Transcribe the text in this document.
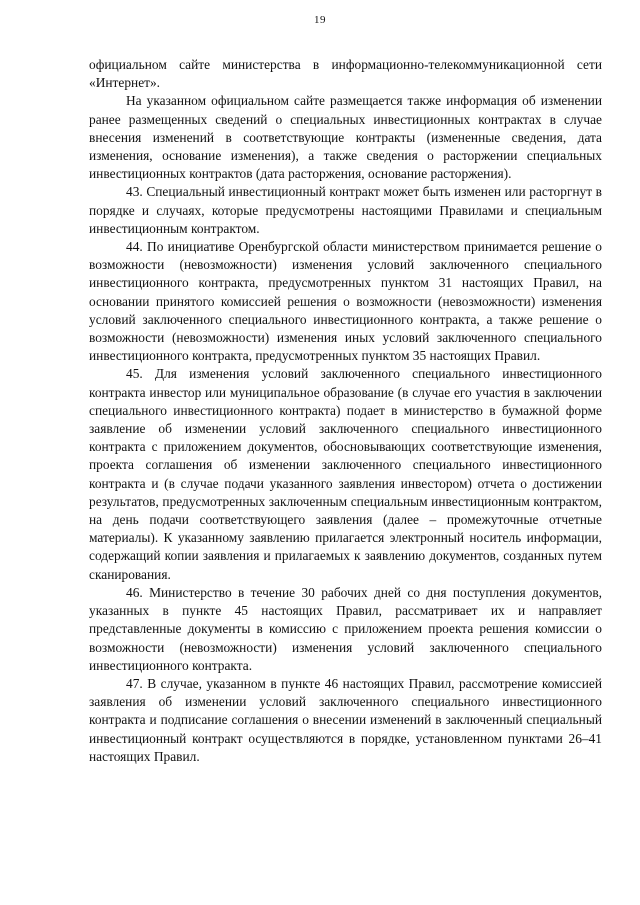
19

официальном сайте министерства в информационно-телекоммуникационной сети «Интернет».

На указанном официальном сайте размещается также информация об изменении ранее размещенных сведений о специальных инвестиционных контрактах в случае внесения изменений в соответствующие контракты (измененные сведения, дата изменения, основание изменения), а также сведения о расторжении специальных инвестиционных контрактов (дата расторжения, основание расторжения).

43. Специальный инвестиционный контракт может быть изменен или расторгнут в порядке и случаях, которые предусмотрены настоящими Правилами и специальным инвестиционным контрактом.

44. По инициативе Оренбургской области министерством принимается решение о возможности (невозможности) изменения условий заключенного специального инвестиционного контракта, предусмотренных пунктом 31 настоящих Правил, на основании принятого комиссией решения о возможности (невозможности) изменения условий заключенного специального инвестиционного контракта, а также решение о возможности (невозможности) изменения иных условий заключенного специального инвестиционного контракта, предусмотренных пунктом 35 настоящих Правил.

45. Для изменения условий заключенного специального инвестиционного контракта инвестор или муниципальное образование (в случае его участия в заключении специального инвестиционного контракта) подает в министерство в бумажной форме заявление об изменении условий заключенного специального инвестиционного контракта с приложением документов, обосновывающих соответствующие изменения, проекта соглашения об изменении заключенного специального инвестиционного контракта и (в случае подачи указанного заявления инвестором) отчета о достижении результатов, предусмотренных заключенным специальным инвестиционным контрактом, на день подачи соответствующего заявления (далее – промежуточные отчетные материалы). К указанному заявлению прилагается электронный носитель информации, содержащий копии заявления и прилагаемых к заявлению документов, созданных путем сканирования.

46. Министерство в течение 30 рабочих дней со дня поступления документов, указанных в пункте 45 настоящих Правил, рассматривает их и направляет представленные документы в комиссию с приложением проекта решения комиссии о возможности (невозможности) изменения условий заключенного специального инвестиционного контракта.

47. В случае, указанном в пункте 46 настоящих Правил, рассмотрение комиссией заявления об изменении условий заключенного специального инвестиционного контракта и подписание соглашения о внесении изменений в заключенный специальный инвестиционный контракт осуществляются в порядке, установленном пунктами 26–41 настоящих Правил.
